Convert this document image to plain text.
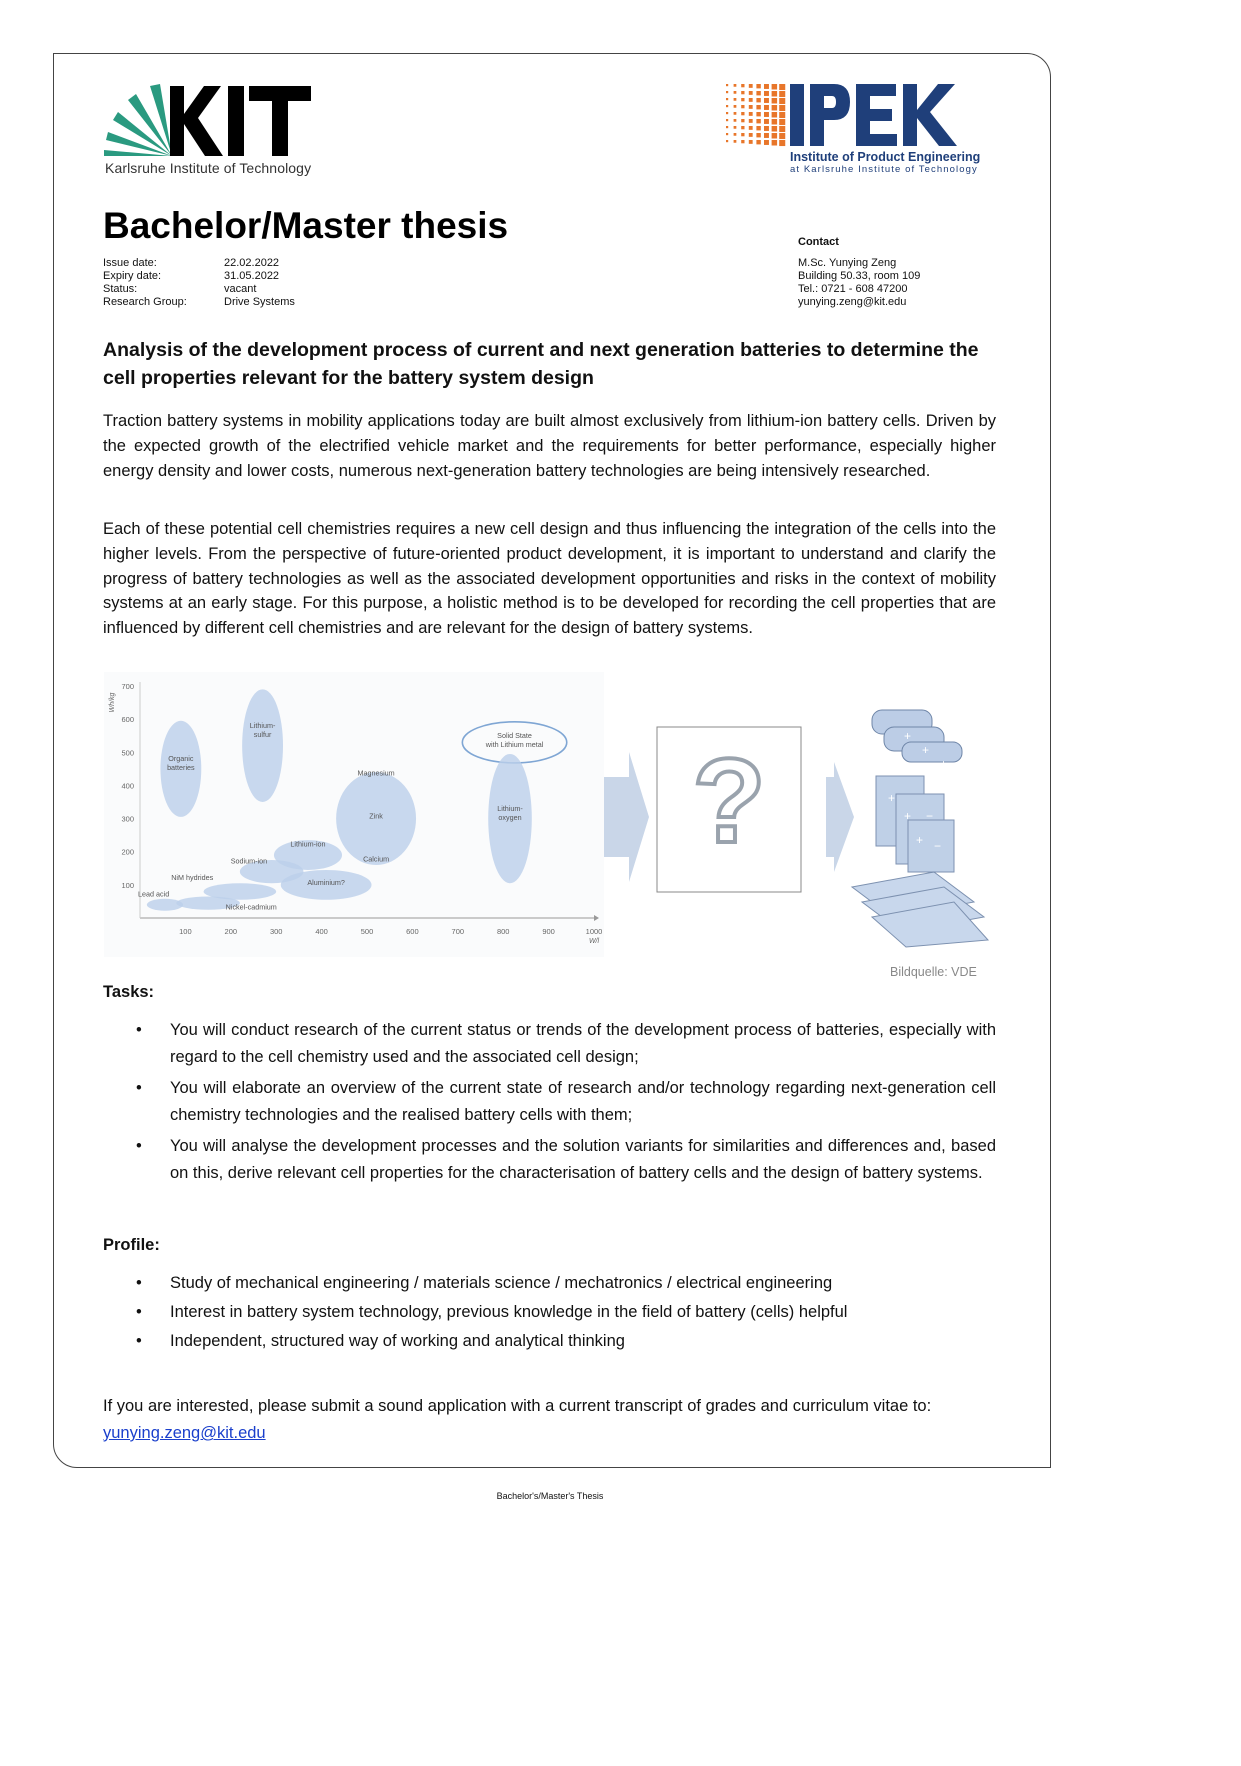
Karlsruhe Institute of Technology
Institute of Product Engineering
at Karlsruhe Institute of Technology
Bachelor/Master thesis
Issue date:	22.02.2022
Expiry date:	31.05.2022
Status:	vacant
Research Group:	Drive Systems
Contact
M.Sc. Yunying Zeng
Building 50.33, room 109
Tel.: 0721 - 608 47200
yunying.zeng@kit.edu
Analysis of the development process of current and next generation batteries to determine the cell properties relevant for the battery system design
Traction battery systems in mobility applications today are built almost exclusively from lithium-ion battery cells. Driven by the expected growth of the electrified vehicle market and the requirements for better performance, especially higher energy density and lower costs, numerous next-generation battery technologies are being intensively researched.
Each of these potential cell chemistries requires a new cell design and thus influencing the integration of the cells into the higher levels. From the perspective of future-oriented product development, it is important to understand and clarify the progress of battery technologies as well as the associated development opportunities and risks in the context of mobility systems at an early stage. For this purpose, a holistic method is to be developed for recording the cell properties that are influenced by different cell chemistries and are relevant for the design of battery systems.
100	200	300	400	500	600	700	800	900	1000
W/l
100
200
300
400
500
600
700
Wh/kg
Organic
batteries
Lithium-
sulfur
Magnesium
Zink
Calcium
Solid State
with Lithium metal
Lithium-
oxygen
Lithium-ion
Sodium-ion
Aluminium?
NiM hydrides
Lead acid
Nickel-cadmium
?	+
+
+
+
+ −
+ −
Bildquelle: VDE
Tasks:
• You will conduct research of the current status or trends of the development process of batteries, especially with regard to the cell chemistry used and the associated cell design;
• You will elaborate an overview of the current state of research and/or technology regarding next-generation cell chemistry technologies and the realised battery cells with them;
• You will analyse the development processes and the solution variants for similarities and differences and, based on this, derive relevant cell properties for the characterisation of battery cells and the design of battery systems.
Profile:
• Study of mechanical engineering / materials science / mechatronics / electrical engineering
• Interest in battery system technology, previous knowledge in the field of battery (cells) helpful
• Independent, structured way of working and analytical thinking
If you are interested, please submit a sound application with a current transcript of grades and curriculum vitae to: yunying.zeng@kit.edu
Bachelor's/Master's Thesis
